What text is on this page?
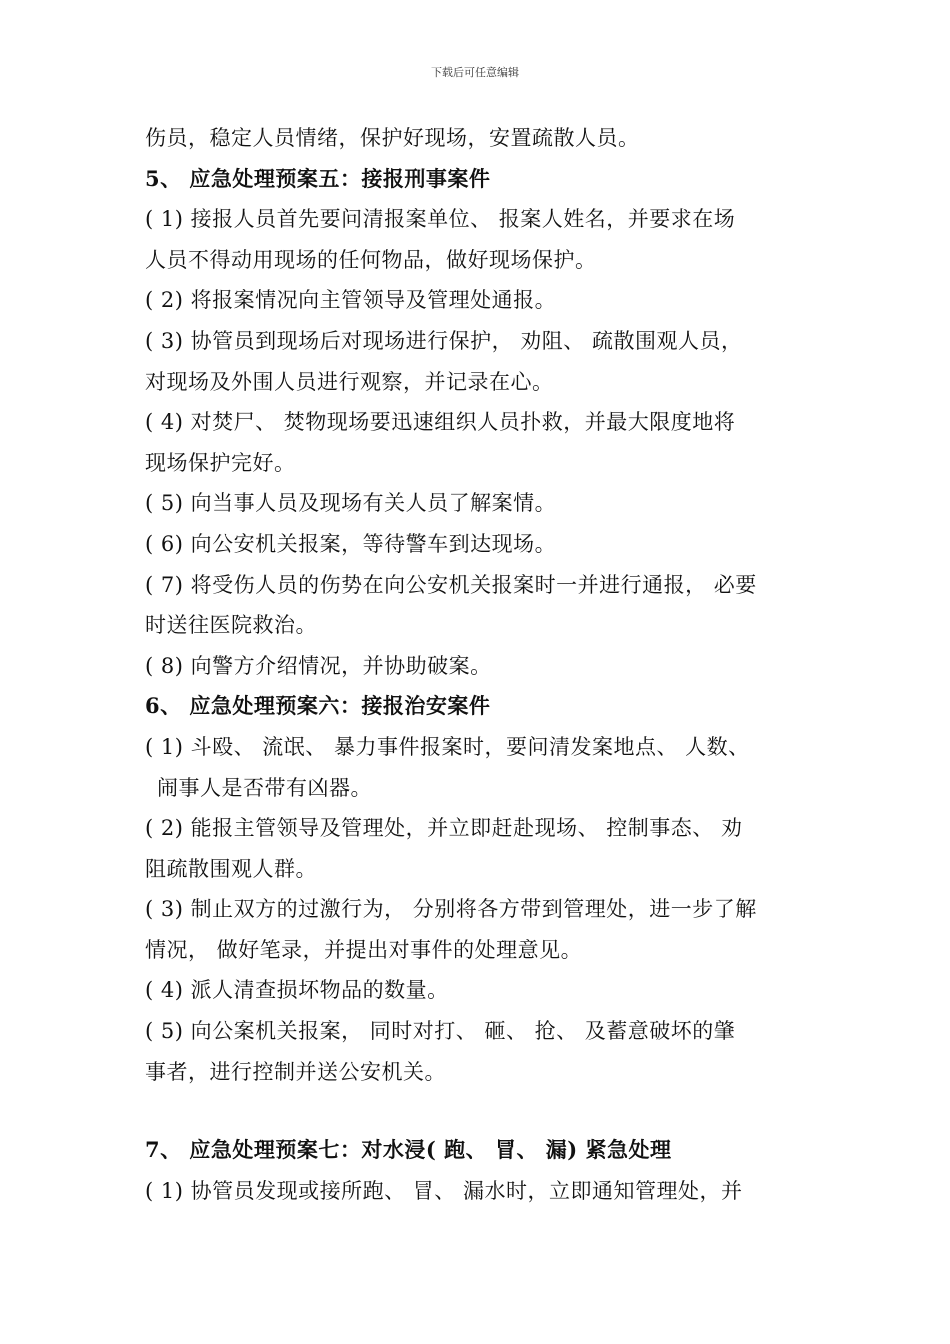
下载后可任意编辑
伤员，稳定人员情绪，保护好现场，安置疏散人员。
5、 应急处理预案五：接报刑事案件
( 1) 接报人员首先要问清报案单位、 报案人姓名，并要求在场
人员不得动用现场的任何物品，做好现场保护。
( 2) 将报案情况向主管领导及管理处通报。
( 3) 协管员到现场后对现场进行保护， 劝阻、 疏散围观人员，
对现场及外围人员进行观察，并记录在心。
( 4) 对焚尸、 焚物现场要迅速组织人员扑救，并最大限度地将
现场保护完好。
( 5) 向当事人员及现场有关人员了解案情。
( 6) 向公安机关报案，等待警车到达现场。
( 7) 将受伤人员的伤势在向公安机关报案时一并进行通报， 必要
时送往医院救治。
( 8) 向警方介绍情况，并协助破案。
6、 应急处理预案六：接报治安案件
( 1) 斗殴、 流氓、 暴力事件报案时，要问清发案地点、 人数、
闹事人是否带有凶器。
( 2) 能报主管领导及管理处，并立即赶赴现场、 控制事态、 劝
阻疏散围观人群。
( 3) 制止双方的过激行为， 分别将各方带到管理处，进一步了解
情况， 做好笔录，并提出对事件的处理意见。
( 4) 派人清查损坏物品的数量。
( 5) 向公案机关报案， 同时对打、 砸、 抢、 及蓄意破坏的肇
事者，进行控制并送公安机关。
7、 应急处理预案七：对水浸( 跑、 冒、 漏) 紧急处理
( 1) 协管员发现或接所跑、 冒、 漏水时，立即通知管理处，并
